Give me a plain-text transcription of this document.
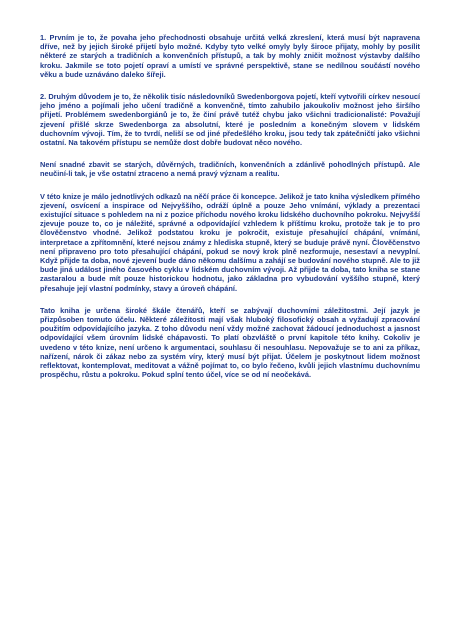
1. Prvním je to, že povaha jeho přechodnosti obsahuje určitá velká zkreslení, která musí být napravena dříve, než by jejich široké přijetí bylo možné. Kdyby tyto velké omyly byly široce přijaty, mohly by posílit některé ze starých a tradičních a konvenčních přístupů, a tak by mohly zničit možnost výstavby dalšího kroku. Jakmile se toto pojetí opraví a umístí ve správné perspektivě, stane se nedílnou součástí nového věku a bude uznáváno daleko šířeji.

2. Druhým důvodem je to, že několik tisíc následovníků Swedenborgova pojetí, kteří vytvořili církev nesoucí jeho jméno a pojímali jeho učení tradičně a konvenčně, tímto zahubilo jakoukoliv možnost jeho širšího přijetí. Problémem swedenborgiánů je to, že činí právě tutéž chybu jako všichni tradicionalisté: Považují zjevení přišlé skrze Swedenborga za absolutní, které je posledním a konečným slovem v lidském duchovním vývoji. Tím, že to tvrdí, neliší se od jiné předešlého kroku, jsou tedy tak zpátečničtí jako všichni ostatní. Na takovém přístupu se nemůže dost dobře budovat něco nového.

Není snadné zbavit se starých, důvěrných, tradičních, konvenčních a zdánlivě pohodlných přístupů. Ale neučiní-li tak, je vše ostatní ztraceno a nemá pravý význam a realitu.

V této knize je málo jednotlivých odkazů na něčí práce či koncepce. Jelikož je tato kniha výsledkem přímého zjevení, osvícení a inspirace od Nejvyššího, odráží úplně a pouze Jeho vnímání, výklady a prezentaci existující situace s pohledem na ni z pozice příchodu nového kroku lidského duchovního pokroku. Nejvyšší zjevuje pouze to, co je náležité, správné a odpovídající vzhledem k příštímu kroku, protože tak je to pro člověčenstvo vhodné. Jelikož podstatou kroku je pokročit, existuje přesahující chápání, vnímání, interpretace a zpřítomnění, které nejsou známy z hlediska stupně, který se buduje právě nyní. Člověčenstvo není připraveno pro toto přesahující chápání, pokud se nový krok plně nezformuje, nesestaví a nevyplní. Když přijde ta doba, nové zjevení bude dáno někomu dalšímu a zahájí se budování nového stupně. Ale to již bude jiná událost jiného časového cyklu v lidském duchovním vývoji. Až přijde ta doba, tato kniha se stane zastaralou a bude mít pouze historickou hodnotu, jako základna pro vybudování vyššího stupně, který přesahuje její vlastní podmínky, stavy a úroveň chápání.

Tato kniha je určena široké škále čtenářů, kteří se zabývají duchovními záležitostmi. Její jazyk je přizpůsoben tomuto účelu. Některé záležitosti mají však hluboký filosofický obsah a vyžadují zpracování použitím odpovídajícího jazyka. Z toho důvodu není vždy možné zachovat žádoucí jednoduchost a jasnost odpovídající všem úrovním lidské chápavosti. To platí obzvláště o první kapitole této knihy. Cokoliv je uvedeno v této knize, není určeno k argumentaci, souhlasu či nesouhlasu. Nepovažuje se to ani za příkaz, nařízení, nárok či zákaz nebo za systém víry, který musí být přijat. Účelem je poskytnout lidem možnost reflektovat, kontemplovat, meditovat a vážně pojímat to, co bylo řečeno, kvůli jejich vlastnímu duchovnímu prospěchu, růstu a pokroku. Pokud splní tento účel, více se od ní neočekává.
